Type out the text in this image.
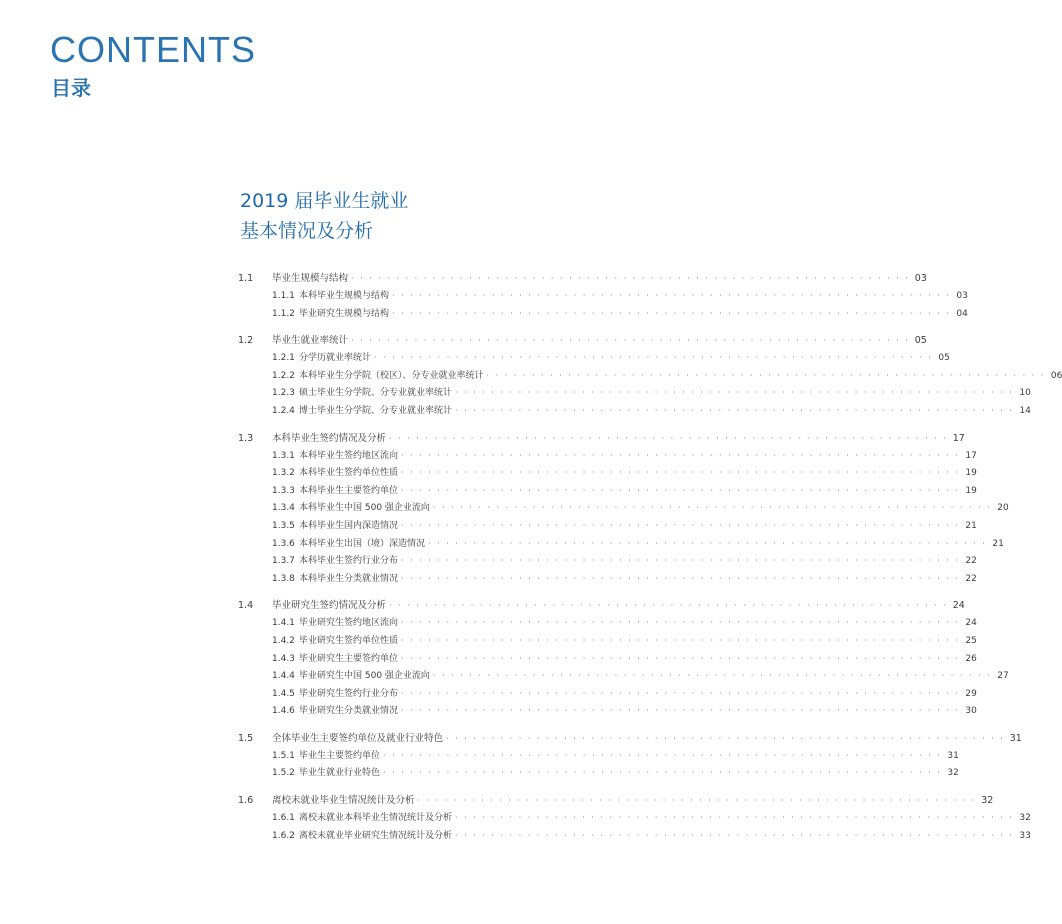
CONTENTS
目录
2019 届毕业生就业
基本情况及分析
1.1	毕业生规模与结构 · · · · · · · · · · · · · · · · · · · · · · · · · · · · · · · · · · · · · · · · · · · · · · · · · · · · · · · · · · · · · · 03
1.1.1 本科毕业生规模与结构 · · · · · · · · · · · · · · · · · · · · · · · · · · · · · · · · · · · · · · · · · · · · · · · · · · · · · · · · · · · · · · 03
1.1.2 毕业研究生规模与结构 · · · · · · · · · · · · · · · · · · · · · · · · · · · · · · · · · · · · · · · · · · · · · · · · · · · · · · · · · · · · · · 04
1.2	毕业生就业率统计 · · · · · · · · · · · · · · · · · · · · · · · · · · · · · · · · · · · · · · · · · · · · · · · · · · · · · · · · · · · · · · 05
1.2.1 分学历就业率统计 · · · · · · · · · · · · · · · · · · · · · · · · · · · · · · · · · · · · · · · · · · · · · · · · · · · · · · · · · · · · · · 05
1.2.2 本科毕业生分学院（校区）、分专业就业率统计 · · · · · · · · · · · · · · · · · · · · · · · · · · · · · · · · · · · · · · · · · · · · · · · · · · · · · · · · · · · · · · 06
1.2.3 硕士毕业生分学院、分专业就业率统计 · · · · · · · · · · · · · · · · · · · · · · · · · · · · · · · · · · · · · · · · · · · · · · · · · · · · · · · · · · · · · · 10
1.2.4 博士毕业生分学院、分专业就业率统计 · · · · · · · · · · · · · · · · · · · · · · · · · · · · · · · · · · · · · · · · · · · · · · · · · · · · · · · · · · · · · · 14
1.3	本科毕业生签约情况及分析 · · · · · · · · · · · · · · · · · · · · · · · · · · · · · · · · · · · · · · · · · · · · · · · · · · · · · · · · · · · · · · 17
1.3.1 本科毕业生签约地区流向 · · · · · · · · · · · · · · · · · · · · · · · · · · · · · · · · · · · · · · · · · · · · · · · · · · · · · · · · · · · · · · 17
1.3.2 本科毕业生签约单位性质 · · · · · · · · · · · · · · · · · · · · · · · · · · · · · · · · · · · · · · · · · · · · · · · · · · · · · · · · · · · · · · 19
1.3.3 本科毕业生主要签约单位 · · · · · · · · · · · · · · · · · · · · · · · · · · · · · · · · · · · · · · · · · · · · · · · · · · · · · · · · · · · · · · 19
1.3.4 本科毕业生中国 500 强企业流向 · · · · · · · · · · · · · · · · · · · · · · · · · · · · · · · · · · · · · · · · · · · · · · · · · · · · · · · · · · · · · · 20
1.3.5 本科毕业生国内深造情况 · · · · · · · · · · · · · · · · · · · · · · · · · · · · · · · · · · · · · · · · · · · · · · · · · · · · · · · · · · · · · · 21
1.3.6 本科毕业生出国（境）深造情况 · · · · · · · · · · · · · · · · · · · · · · · · · · · · · · · · · · · · · · · · · · · · · · · · · · · · · · · · · · · · · · 21
1.3.7 本科毕业生签约行业分布 · · · · · · · · · · · · · · · · · · · · · · · · · · · · · · · · · · · · · · · · · · · · · · · · · · · · · · · · · · · · · · 22
1.3.8 本科毕业生分类就业情况 · · · · · · · · · · · · · · · · · · · · · · · · · · · · · · · · · · · · · · · · · · · · · · · · · · · · · · · · · · · · · · 22
1.4	毕业研究生签约情况及分析 · · · · · · · · · · · · · · · · · · · · · · · · · · · · · · · · · · · · · · · · · · · · · · · · · · · · · · · · · · · · · · 24
1.4.1 毕业研究生签约地区流向 · · · · · · · · · · · · · · · · · · · · · · · · · · · · · · · · · · · · · · · · · · · · · · · · · · · · · · · · · · · · · · 24
1.4.2 毕业研究生签约单位性质 · · · · · · · · · · · · · · · · · · · · · · · · · · · · · · · · · · · · · · · · · · · · · · · · · · · · · · · · · · · · · · 25
1.4.3 毕业研究生主要签约单位 · · · · · · · · · · · · · · · · · · · · · · · · · · · · · · · · · · · · · · · · · · · · · · · · · · · · · · · · · · · · · · 26
1.4.4 毕业研究生中国 500 强企业流向 · · · · · · · · · · · · · · · · · · · · · · · · · · · · · · · · · · · · · · · · · · · · · · · · · · · · · · · · · · · · · · 27
1.4.5 毕业研究生签约行业分布 · · · · · · · · · · · · · · · · · · · · · · · · · · · · · · · · · · · · · · · · · · · · · · · · · · · · · · · · · · · · · · 29
1.4.6 毕业研究生分类就业情况 · · · · · · · · · · · · · · · · · · · · · · · · · · · · · · · · · · · · · · · · · · · · · · · · · · · · · · · · · · · · · · 30
1.5	全体毕业生主要签约单位及就业行业特色 · · · · · · · · · · · · · · · · · · · · · · · · · · · · · · · · · · · · · · · · · · · · · · · · · · · · · · · · · · · · · · 31
1.5.1 毕业生主要签约单位 · · · · · · · · · · · · · · · · · · · · · · · · · · · · · · · · · · · · · · · · · · · · · · · · · · · · · · · · · · · · · · 31
1.5.2 毕业生就业行业特色 · · · · · · · · · · · · · · · · · · · · · · · · · · · · · · · · · · · · · · · · · · · · · · · · · · · · · · · · · · · · · · 32
1.6	离校未就业毕业生情况统计及分析 · · · · · · · · · · · · · · · · · · · · · · · · · · · · · · · · · · · · · · · · · · · · · · · · · · · · · · · · · · · · · · 32
1.6.1 离校未就业本科毕业生情况统计及分析 · · · · · · · · · · · · · · · · · · · · · · · · · · · · · · · · · · · · · · · · · · · · · · · · · · · · · · · · · · · · · · 32
1.6.2 离校未就业毕业研究生情况统计及分析 · · · · · · · · · · · · · · · · · · · · · · · · · · · · · · · · · · · · · · · · · · · · · · · · · · · · · · · · · · · · · · 33
